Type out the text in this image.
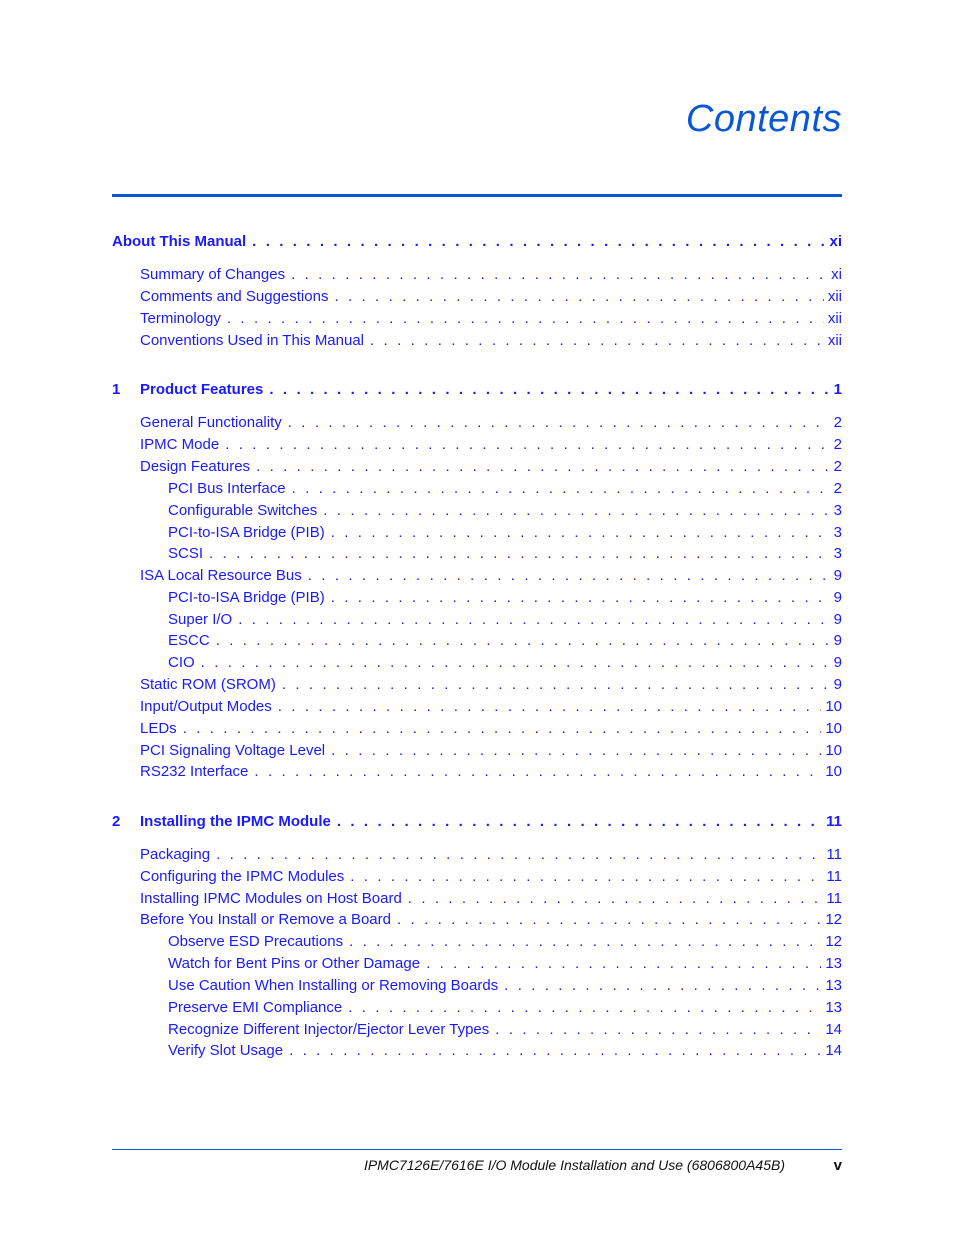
Contents
About This Manual . . .	xi
Summary of Changes . . .	xi
Comments and Suggestions . . .	xii
Terminology . . .	xii
Conventions Used in This Manual . . .	xii
1	Product Features . . .	1
General Functionality . . .	2
IPMC Mode . . .	2
Design Features . . .	2
PCI Bus Interface . . .	2
Configurable Switches . . .	3
PCI-to-ISA Bridge (PIB) . . .	3
SCSI . . .	3
ISA Local Resource Bus . . .	9
PCI-to-ISA Bridge (PIB) . . .	9
Super I/O . . .	9
ESCC . . .	9
CIO . . .	9
Static ROM (SROM) . . .	9
Input/Output Modes . . .	10
LEDs . . .	10
PCI Signaling Voltage Level . . .	10
RS232 Interface . . .	10
2	Installing the IPMC Module . . .	11
Packaging . . .	11
Configuring the IPMC Modules . . .	11
Installing IPMC Modules on Host Board . . .	11
Before You Install or Remove a Board . . .	12
Observe ESD Precautions . . .	12
Watch for Bent Pins or Other Damage . . .	13
Use Caution When Installing or Removing Boards . . .	13
Preserve EMI Compliance . . .	13
Recognize Different Injector/Ejector Lever Types . . .	14
Verify Slot Usage . . .	14
IPMC7126E/7616E I/O Module Installation and Use (6806800A45B)	v
